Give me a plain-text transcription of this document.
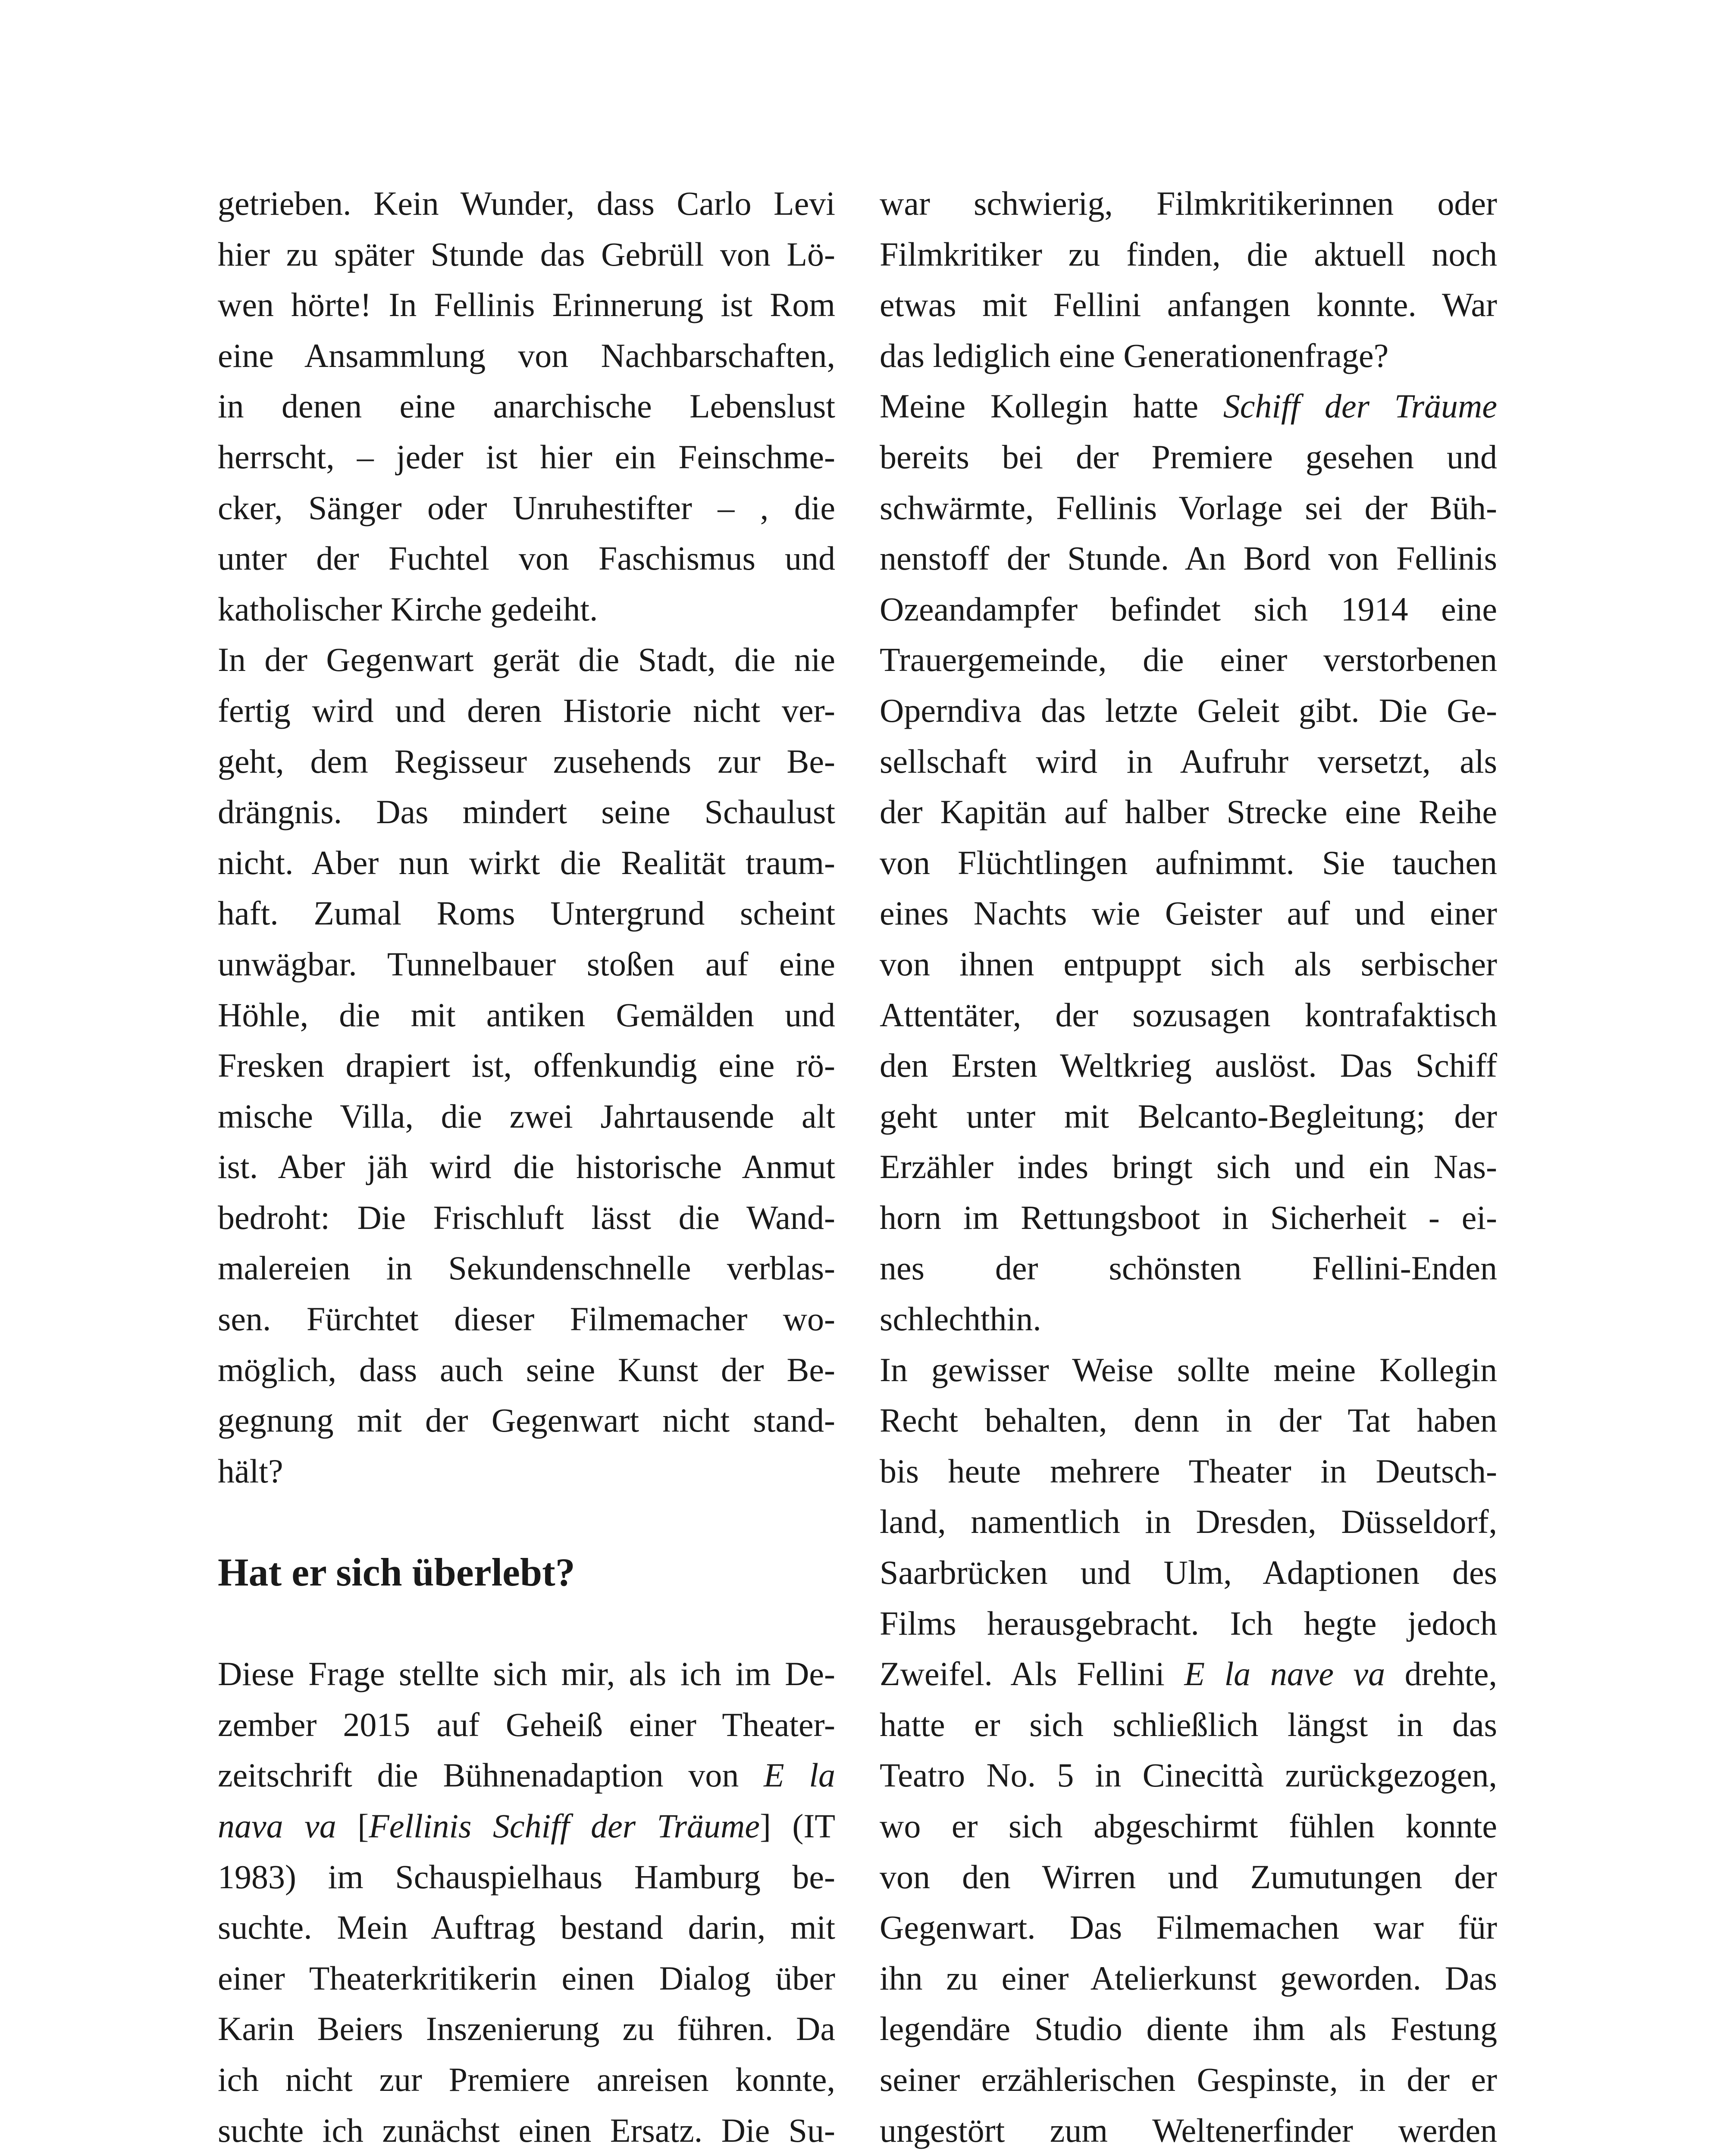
getrieben. Kein Wunder, dass Carlo Levi
hier zu später Stunde das Gebrüll von Lö-
wen hörte! In Fellinis Erinnerung ist Rom
eine Ansammlung von Nachbarschaften,
in denen eine anarchische Lebenslust
herrscht, – jeder ist hier ein Feinschme-
cker, Sänger oder Unruhestifter – , die
unter der Fuchtel von Faschismus und
katholischer Kirche gedeiht.
In der Gegenwart gerät die Stadt, die nie
fertig wird und deren Historie nicht ver-
geht, dem Regisseur zusehends zur Be-
drängnis. Das mindert seine Schaulust
nicht. Aber nun wirkt die Realität traum-
haft. Zumal Roms Untergrund scheint
unwägbar. Tunnelbauer stoßen auf eine
Höhle, die mit antiken Gemälden und
Fresken drapiert ist, offenkundig eine rö-
mische Villa, die zwei Jahrtausende alt
ist. Aber jäh wird die historische Anmut
bedroht: Die Frischluft lässt die Wand-
malereien in Sekundenschnelle verblas-
sen. Fürchtet dieser Filmemacher wo-
möglich, dass auch seine Kunst der Be-
gegnung mit der Gegenwart nicht stand-
hält?
Hat er sich überlebt?
Diese Frage stellte sich mir, als ich im De-
zember 2015 auf Geheiß einer Theater-
zeitschrift die Bühnenadaption von E la
nava va [Fellinis Schiff der Träume] (IT
1983) im Schauspielhaus Hamburg be-
suchte. Mein Auftrag bestand darin, mit
einer Theaterkritikerin einen Dialog über
Karin Beiers Inszenierung zu führen. Da
ich nicht zur Premiere anreisen konnte,
suchte ich zunächst einen Ersatz. Die Su-
war schwierig, Filmkritikerinnen oder
Filmkritiker zu finden, die aktuell noch
etwas mit Fellini anfangen konnte. War
das lediglich eine Generationenfrage?
Meine Kollegin hatte Schiff der Träume
bereits bei der Premiere gesehen und
schwärmte, Fellinis Vorlage sei der Büh-
nenstoff der Stunde. An Bord von Fellinis
Ozeandampfer befindet sich 1914 eine
Trauergemeinde, die einer verstorbenen
Operndiva das letzte Geleit gibt. Die Ge-
sellschaft wird in Aufruhr versetzt, als
der Kapitän auf halber Strecke eine Reihe
von Flüchtlingen aufnimmt. Sie tauchen
eines Nachts wie Geister auf und einer
von ihnen entpuppt sich als serbischer
Attentäter, der sozusagen kontrafaktisch
den Ersten Weltkrieg auslöst. Das Schiff
geht unter mit Belcanto-Begleitung; der
Erzähler indes bringt sich und ein Nas-
horn im Rettungsboot in Sicherheit - ei-
nes der schönsten Fellini-Enden
schlechthin.
In gewisser Weise sollte meine Kollegin
Recht behalten, denn in der Tat haben
bis heute mehrere Theater in Deutsch-
land, namentlich in Dresden, Düsseldorf,
Saarbrücken und Ulm, Adaptionen des
Films herausgebracht. Ich hegte jedoch
Zweifel. Als Fellini E la nave va drehte,
hatte er sich schließlich längst in das
Teatro No. 5 in Cinecittà zurückgezogen,
wo er sich abgeschirmt fühlen konnte
von den Wirren und Zumutungen der
Gegenwart. Das Filmemachen war für
ihn zu einer Atelierkunst geworden. Das
legendäre Studio diente ihm als Festung
seiner erzählerischen Gespinste, in der er
ungestört zum Weltenerfinder werden
